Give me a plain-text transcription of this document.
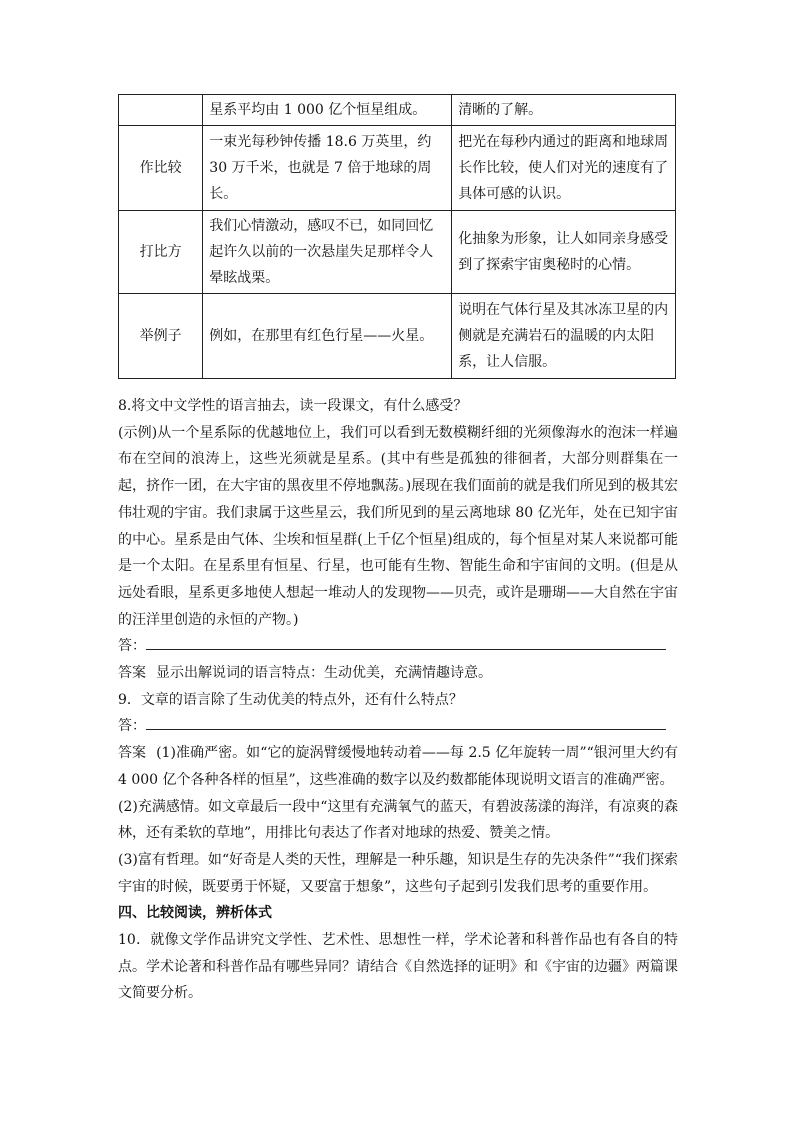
	星系平均由 1 000 亿个恒星组成。	清晰的了解。
作比较	一束光每秒钟传播 18.6 万英里，约 30 万千米，也就是 7 倍于地球的周长。	把光在每秒内通过的距离和地球周长作比较，使人们对光的速度有了具体可感的认识。
打比方	我们心情激动，感叹不已，如同回忆起许久以前的一次悬崖失足那样令人晕眩战栗。	化抽象为形象，让人如同亲身感受到了探索宇宙奥秘时的心情。
举例子	例如，在那里有红色行星——火星。	说明在气体行星及其冰冻卫星的内侧就是充满岩石的温暖的内太阳系，让人信服。

8.将文中文学性的语言抽去，读一段课文，有什么感受？

(示例)从一个星系际的优越地位上，我们可以看到无数模糊纤细的光须像海水的泡沫一样遍布在空间的浪涛上，这些光须就是星系。(其中有些是孤独的徘徊者，大部分则群集在一起，挤作一团，在大宇宙的黑夜里不停地飘荡。)展现在我们面前的就是我们所见到的极其宏伟壮观的宇宙。我们隶属于这些星云，我们所见到的星云离地球 80 亿光年，处在已知宇宙的中心。星系是由气体、尘埃和恒星群(上千亿个恒星)组成的，每个恒星对某人来说都可能是一个太阳。在星系里有恒星、行星，也可能有生物、智能生命和宇宙间的文明。(但是从远处看眼，星系更多地使人想起一堆动人的发现物——贝壳，或许是珊瑚——大自然在宇宙的汪洋里创造的永恒的产物。)

答：

答案 显示出解说词的语言特点：生动优美，充满情趣诗意。

9．文章的语言除了生动优美的特点外，还有什么特点？

答：

答案 (1)准确严密。如“它的旋涡臂缓慢地转动着——每 2.5 亿年旋转一周”“银河里大约有 4 000 亿个各种各样的恒星”，这些准确的数字以及约数都能体现说明文语言的准确严密。

(2)充满感情。如文章最后一段中“这里有充满氧气的蓝天，有碧波荡漾的海洋，有凉爽的森林，还有柔软的草地”，用排比句表达了作者对地球的热爱、赞美之情。

(3)富有哲理。如“好奇是人类的天性，理解是一种乐趣，知识是生存的先决条件”“我们探索宇宙的时候，既要勇于怀疑，又要富于想象”，这些句子起到引发我们思考的重要作用。

四、比较阅读，辨析体式

10．就像文学作品讲究文学性、艺术性、思想性一样，学术论著和科普作品也有各自的特点。学术论著和科普作品有哪些异同？请结合《自然选择的证明》和《宇宙的边疆》两篇课文简要分析。
